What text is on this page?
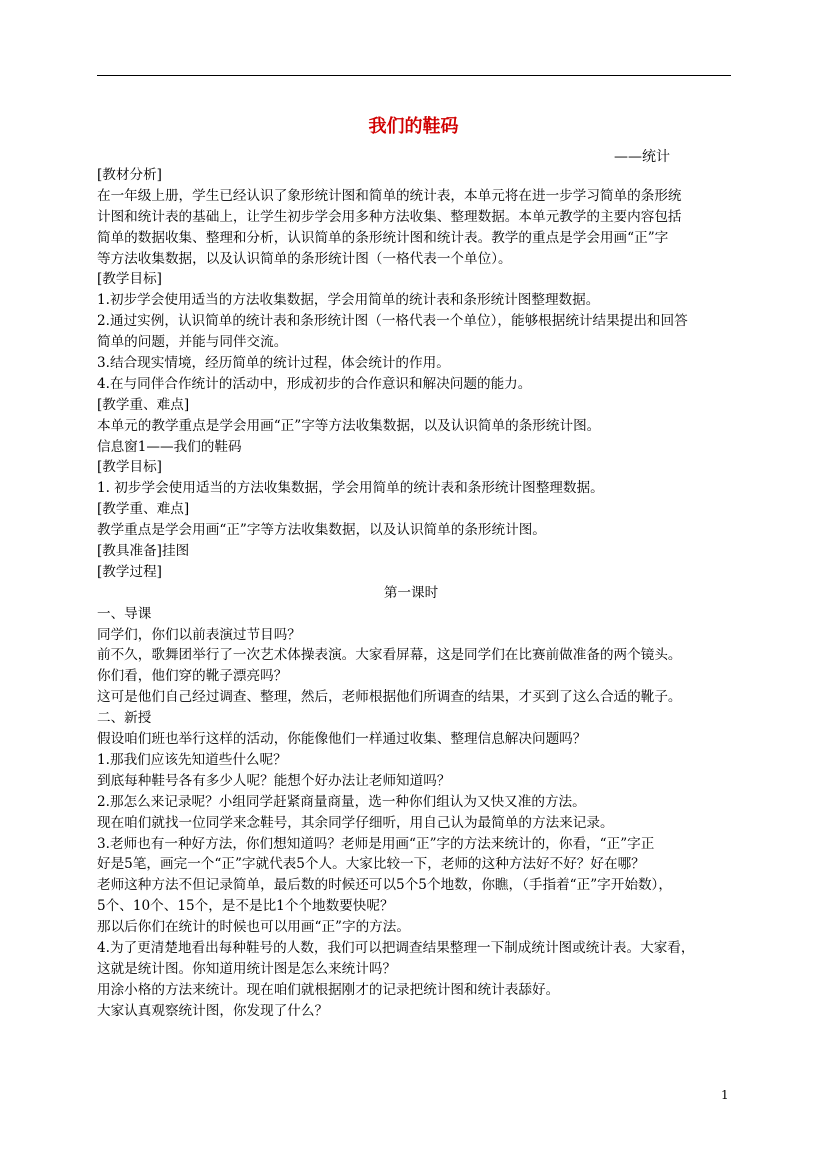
我们的鞋码
——统计
[教材分析]
在一年级上册，学生已经认识了象形统计图和简单的统计表，本单元将在进一步学习简单的条形统
计图和统计表的基础上，让学生初步学会用多种方法收集、整理数据。本单元教学的主要内容包括
简单的数据收集、整理和分析，认识简单的条形统计图和统计表。教学的重点是学会用画“正”字
等方法收集数据，以及认识简单的条形统计图（一格代表一个单位）。
[教学目标]
1.初步学会使用适当的方法收集数据，学会用简单的统计表和条形统计图整理数据。
2.通过实例，认识简单的统计表和条形统计图（一格代表一个单位），能够根据统计结果提出和回答
简单的问题，并能与同伴交流。
3.结合现实情境，经历简单的统计过程，体会统计的作用。
4.在与同伴合作统计的活动中，形成初步的合作意识和解决问题的能力。
[教学重、难点]
本单元的教学重点是学会用画“正”字等方法收集数据，以及认识简单的条形统计图。
信息窗1——我们的鞋码
[教学目标]
1. 初步学会使用适当的方法收集数据，学会用简单的统计表和条形统计图整理数据。
[教学重、难点]
教学重点是学会用画“正”字等方法收集数据，以及认识简单的条形统计图。
[教具准备]挂图
[教学过程]
第一课时
一、导课
同学们，你们以前表演过节目吗？
前不久，歌舞团举行了一次艺术体操表演。大家看屏幕，这是同学们在比赛前做准备的两个镜头。
你们看，他们穿的靴子漂亮吗？
这可是他们自己经过调查、整理，然后，老师根据他们所调查的结果，才买到了这么合适的靴子。
二、新授
假设咱们班也举行这样的活动，你能像他们一样通过收集、整理信息解决问题吗？
1.那我们应该先知道些什么呢？
到底每种鞋号各有多少人呢？能想个好办法让老师知道吗？
2.那怎么来记录呢？小组同学赶紧商量商量，选一种你们组认为又快又准的方法。
现在咱们就找一位同学来念鞋号，其余同学仔细听，用自己认为最简单的方法来记录。
3.老师也有一种好方法，你们想知道吗？老师是用画“正”字的方法来统计的，你看，“正”字正
好是5笔，画完一个“正”字就代表5个人。大家比较一下，老师的这种方法好不好？好在哪？
老师这种方法不但记录简单，最后数的时候还可以5个5个地数，你瞧，（手指着“正”字开始数），
5个、10个、15个，是不是比1个个地数要快呢？
那以后你们在统计的时候也可以用画“正”字的方法。
4.为了更清楚地看出每种鞋号的人数，我们可以把调查结果整理一下制成统计图或统计表。大家看，
这就是统计图。你知道用统计图是怎么来统计吗？
用涂小格的方法来统计。现在咱们就根据刚才的记录把统计图和统计表舔好。
大家认真观察统计图，你发现了什么？
1
